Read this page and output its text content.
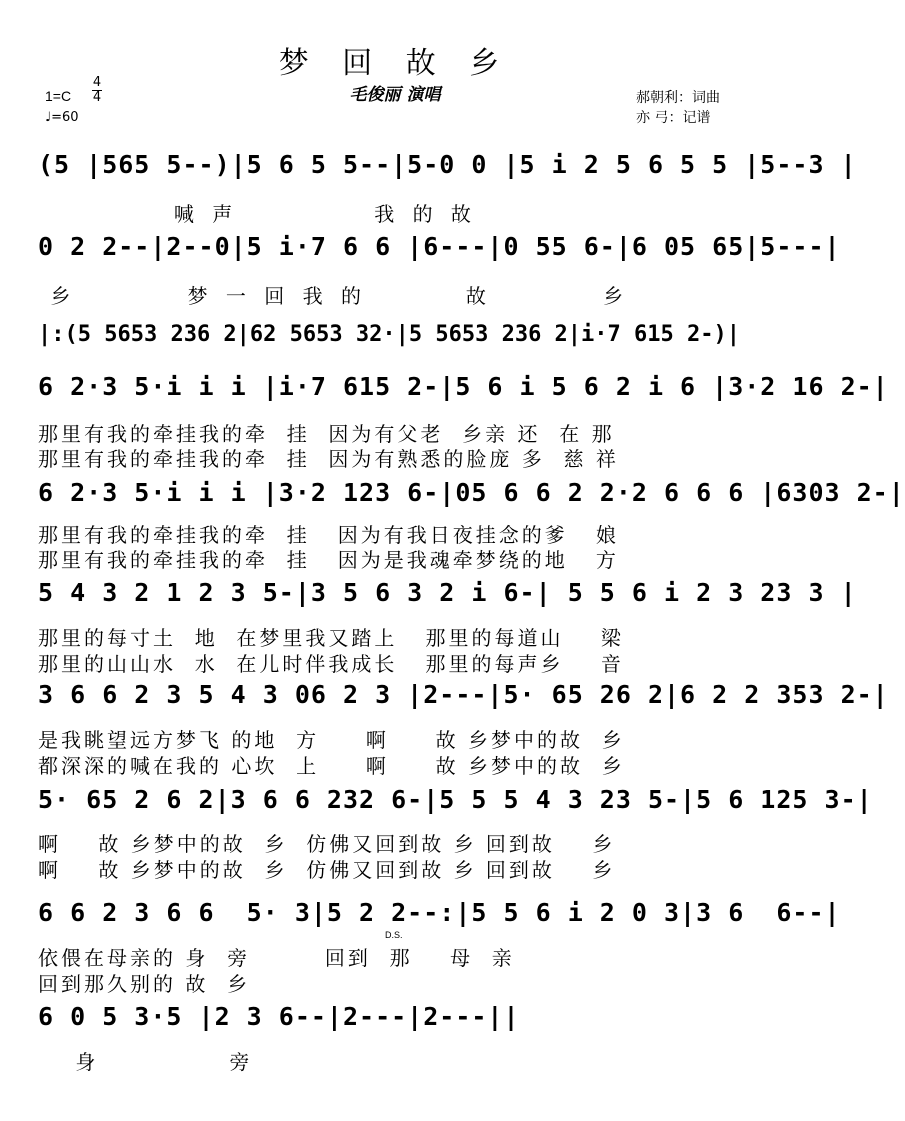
梦 回 故 乡
毛俊丽 演唱
1=C
4
4
♩=60
郝朝利：词曲
亦 弓：记谱
(5 |565 5--)|5 6 5 5--|5-0 0 |5 i 2 5 6 5 5 |5--3 |
喊 声           我 的 故
0 2 2--|2--0|5 i·7 6 6 |6---|0 55 6-|6 05 65|5---|
乡         梦 一 回 我 的        故         乡
|:(5 5653 236 2|62 5653 32·|5 5653 236 2|i·7 615 2-)|
6 2·3 5·i i i |i·7 615 2-|5 6 i 5 6 2 i 6 |3·2 16 2-|
那里有我的牵挂我的牵  挂  因为有父老  乡亲 还  在 那
那里有我的牵挂我的牵  挂  因为有熟悉的脸庞 多  慈 祥
6 2·3 5·i i i |3·2 123 6-|05 6 6 2 2·2 6 6 6 |6303 2-|
那里有我的牵挂我的牵  挂   因为有我日夜挂念的爹   娘
那里有我的牵挂我的牵  挂   因为是我魂牵梦绕的地   方
5 4 3 2 1 2 3 5-|3 5 6 3 2 i 6-| 5 5 6 i 2 3 23 3 |
那里的每寸土  地  在梦里我又踏上   那里的每道山    梁
那里的山山水  水  在儿时伴我成长   那里的每声乡    音
3 6 6 2 3 5 4 3 06 2 3 |2---|5· 65 26 2|6 2 2 353 2-|
是我眺望远方梦飞 的地  方     啊     故 乡梦中的故  乡
都深深的喊在我的 心坎  上     啊     故 乡梦中的故  乡
5· 65 2 6 2|3 6 6 232 6-|5 5 5 4 3 23 5-|5 6 125 3-|
啊    故 乡梦中的故  乡  仿佛又回到故 乡 回到故    乡
啊    故 乡梦中的故  乡  仿佛又回到故 乡 回到故    乡
6 6 2 3 6 6  5· 3|5 2 2--:|5 5 6 i 2 0 3|3 6  6--|
D.S.
依偎在母亲的 身  旁        回到  那    母  亲
回到那久别的 故  乡
6 0 5 3·5 |2 3 6--|2---|2---||
身              旁
